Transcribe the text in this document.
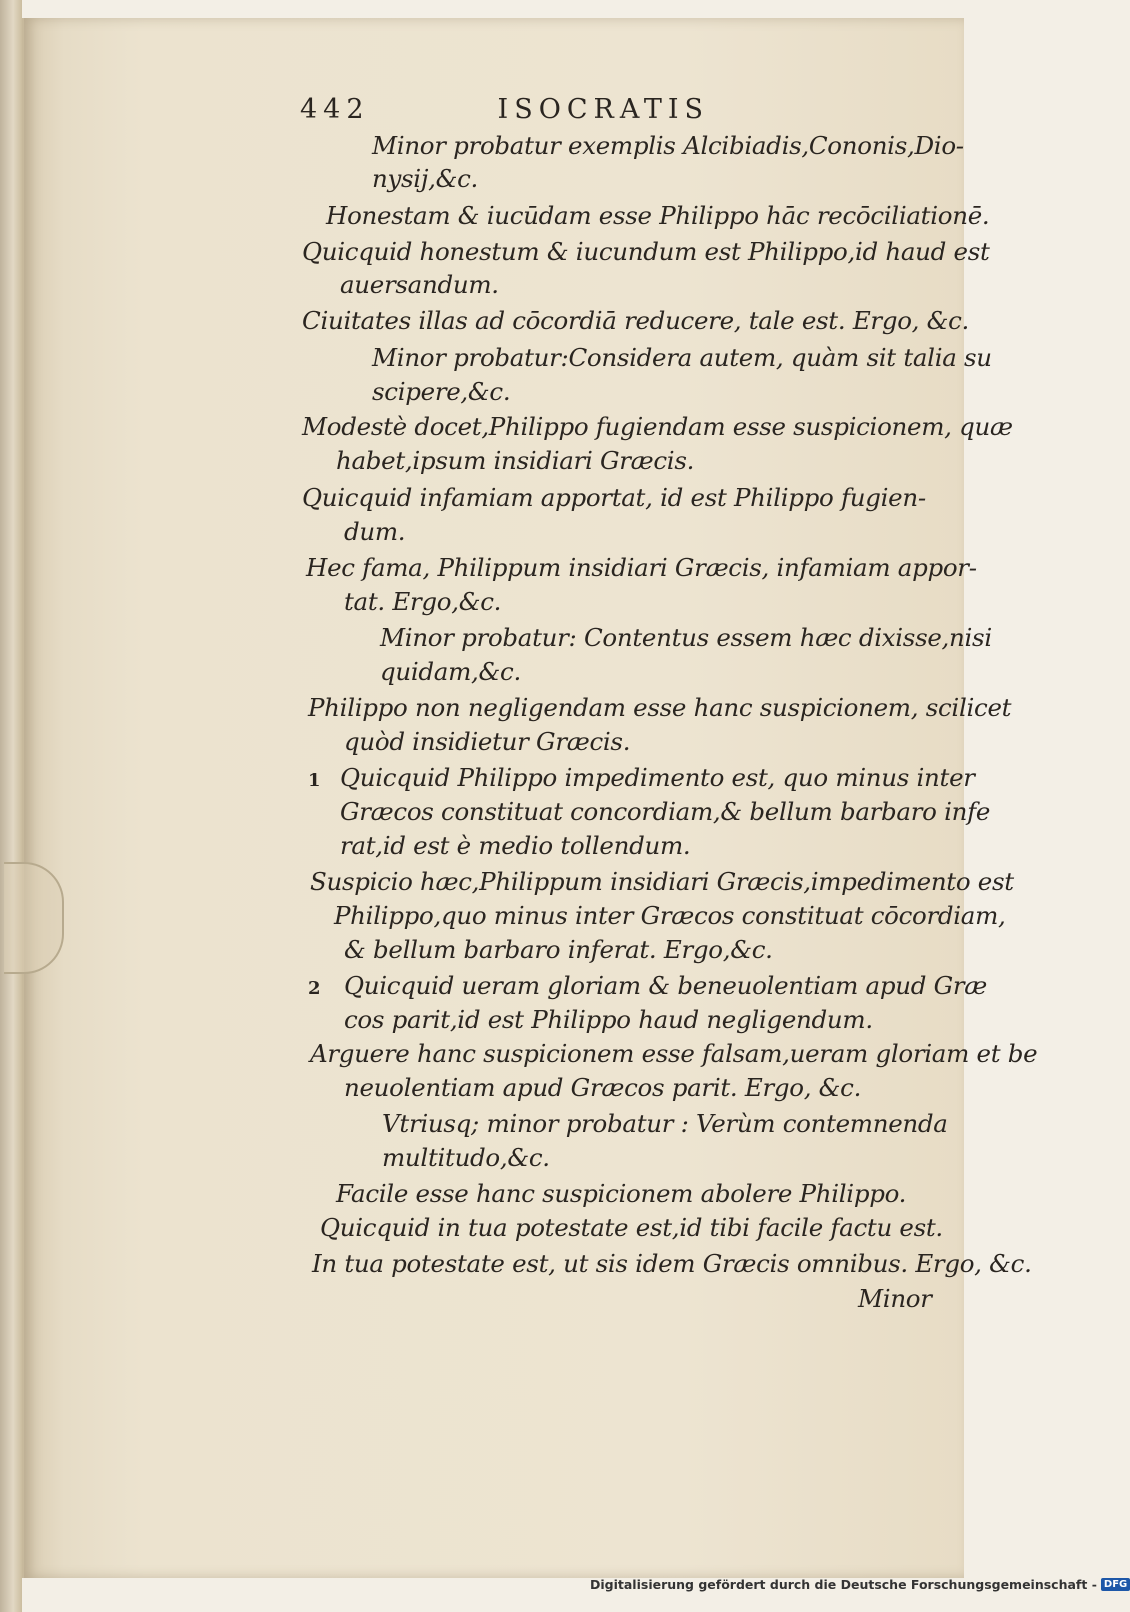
442	ISOCRATIS
Minor probatur exemplis Alcibiadis,Cononis,Dio-
nysij,&c.
Honestam & iucūdam esse Philippo hāc recōciliationē.
Quicquid honestum & iucundum est Philippo,id haud est
auersandum.
Ciuitates illas ad cōcordiā reducere, tale est. Ergo, &c.
Minor probatur:Considera autem, quàm sit talia su
scipere,&c.
Modestè docet,Philippo fugiendam esse suspicionem, quæ
habet,ipsum insidiari Græcis.
Quicquid infamiam apportat, id est Philippo fugien-
dum.
Hec fama, Philippum insidiari Græcis, infamiam appor-
tat. Ergo,&c.
Minor probatur: Contentus essem hæc dixisse,nisi
quidam,&c.
Philippo non negligendam esse hanc suspicionem, scilicet
quòd insidietur Græcis.
1 Quicquid Philippo impedimento est, quo minus inter
Græcos constituat concordiam,& bellum barbaro infe
rat,id est è medio tollendum.
Suspicio hæc,Philippum insidiari Græcis,impedimento est
Philippo,quo minus inter Græcos constituat cōcordiam,
& bellum barbaro inferat. Ergo,&c.
2 Quicquid ueram gloriam & beneuolentiam apud Græ
cos parit,id est Philippo haud negligendum.
Arguere hanc suspicionem esse falsam,ueram gloriam et be
neuolentiam apud Græcos parit. Ergo, &c.
Vtriusq; minor probatur : Verùm contemnenda
multitudo,&c.
Facile esse hanc suspicionem abolere Philippo.
Quicquid in tua potestate est,id tibi facile factu est.
In tua potestate est, ut sis idem Græcis omnibus. Ergo, &c.
Minor
Digitalisierung gefördert durch die Deutsche Forschungsgemeinschaft - DFG
